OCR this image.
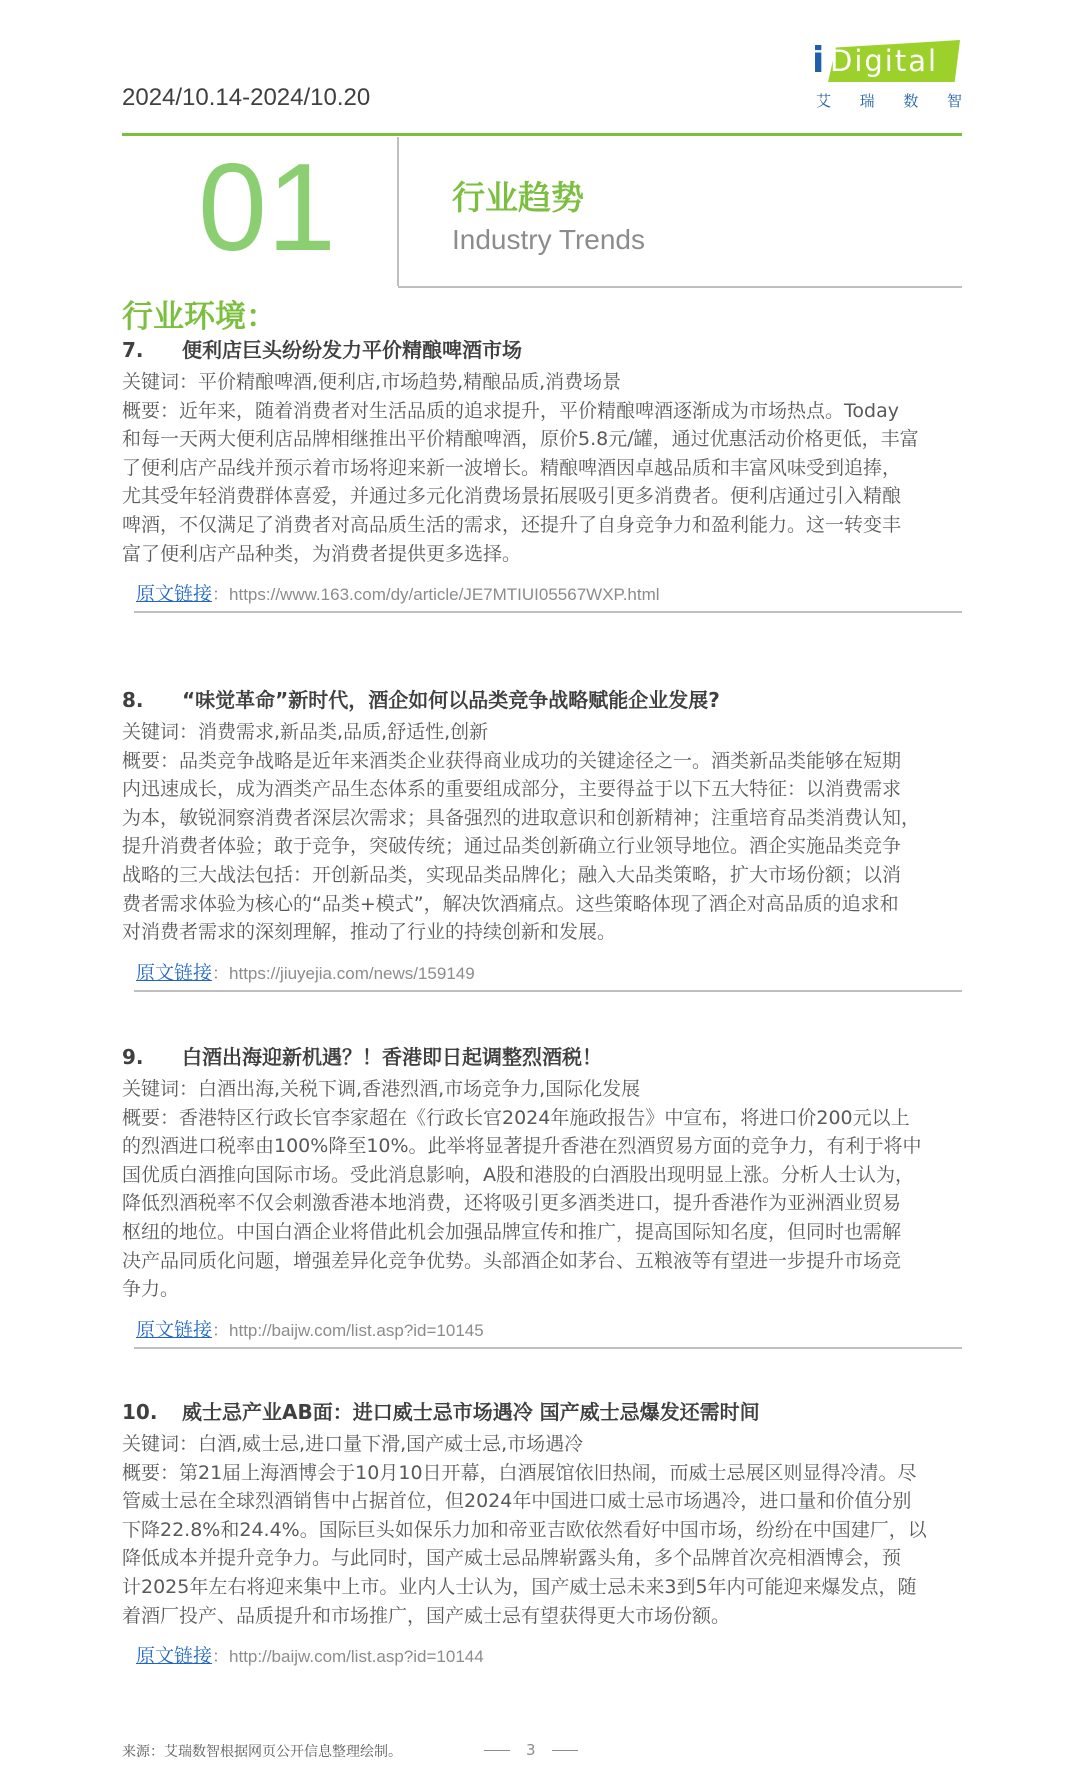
2024/10.14-2024/10.20
i Digital
艾 瑞 数 智
01	行业趋势
Industry Trends
行业环境：
7. 便利店巨头纷纷发力平价精酿啤酒市场
关键词：平价精酿啤酒,便利店,市场趋势,精酿品质,消费场景
概要：近年来，随着消费者对生活品质的追求提升，平价精酿啤酒逐渐成为市场热点。Today
和每一天两大便利店品牌相继推出平价精酿啤酒，原价5.8元/罐，通过优惠活动价格更低，丰富
了便利店产品线并预示着市场将迎来新一波增长。精酿啤酒因卓越品质和丰富风味受到追捧，
尤其受年轻消费群体喜爱，并通过多元化消费场景拓展吸引更多消费者。便利店通过引入精酿
啤酒，不仅满足了消费者对高品质生活的需求，还提升了自身竞争力和盈利能力。这一转变丰
富了便利店产品种类，为消费者提供更多选择。
原文链接：https://www.163.com/dy/article/JE7MTIUI05567WXP.html
8. “味觉革命”新时代，酒企如何以品类竞争战略赋能企业发展?
关键词：消费需求,新品类,品质,舒适性,创新
概要：品类竞争战略是近年来酒类企业获得商业成功的关键途径之一。酒类新品类能够在短期
内迅速成长，成为酒类产品生态体系的重要组成部分，主要得益于以下五大特征：以消费需求
为本，敏锐洞察消费者深层次需求；具备强烈的进取意识和创新精神；注重培育品类消费认知，
提升消费者体验；敢于竞争，突破传统；通过品类创新确立行业领导地位。酒企实施品类竞争
战略的三大战法包括：开创新品类，实现品类品牌化；融入大品类策略，扩大市场份额；以消
费者需求体验为核心的“品类+模式”，解决饮酒痛点。这些策略体现了酒企对高品质的追求和
对消费者需求的深刻理解，推动了行业的持续创新和发展。
原文链接：https://jiuyejia.com/news/159149
9. 白酒出海迎新机遇？！香港即日起调整烈酒税！
关键词：白酒出海,关税下调,香港烈酒,市场竞争力,国际化发展
概要：香港特区行政长官李家超在《行政长官2024年施政报告》中宣布，将进口价200元以上
的烈酒进口税率由100%降至10%。此举将显著提升香港在烈酒贸易方面的竞争力，有利于将中
国优质白酒推向国际市场。受此消息影响，A股和港股的白酒股出现明显上涨。分析人士认为，
降低烈酒税率不仅会刺激香港本地消费，还将吸引更多酒类进口，提升香港作为亚洲酒业贸易
枢纽的地位。中国白酒企业将借此机会加强品牌宣传和推广，提高国际知名度，但同时也需解
决产品同质化问题，增强差异化竞争优势。头部酒企如茅台、五粮液等有望进一步提升市场竞
争力。
原文链接：http://baijw.com/list.asp?id=10145
10. 威士忌产业AB面：进口威士忌市场遇冷 国产威士忌爆发还需时间
关键词：白酒,威士忌,进口量下滑,国产威士忌,市场遇冷
概要：第21届上海酒博会于10月10日开幕，白酒展馆依旧热闹，而威士忌展区则显得冷清。尽
管威士忌在全球烈酒销售中占据首位，但2024年中国进口威士忌市场遇冷，进口量和价值分别
下降22.8%和24.4%。国际巨头如保乐力加和帝亚吉欧依然看好中国市场，纷纷在中国建厂，以
降低成本并提升竞争力。与此同时，国产威士忌品牌崭露头角，多个品牌首次亮相酒博会，预
计2025年左右将迎来集中上市。业内人士认为，国产威士忌未来3到5年内可能迎来爆发点，随
着酒厂投产、品质提升和市场推广，国产威士忌有望获得更大市场份额。
原文链接：http://baijw.com/list.asp?id=10144
来源：艾瑞数智根据网页公开信息整理绘制。	3
